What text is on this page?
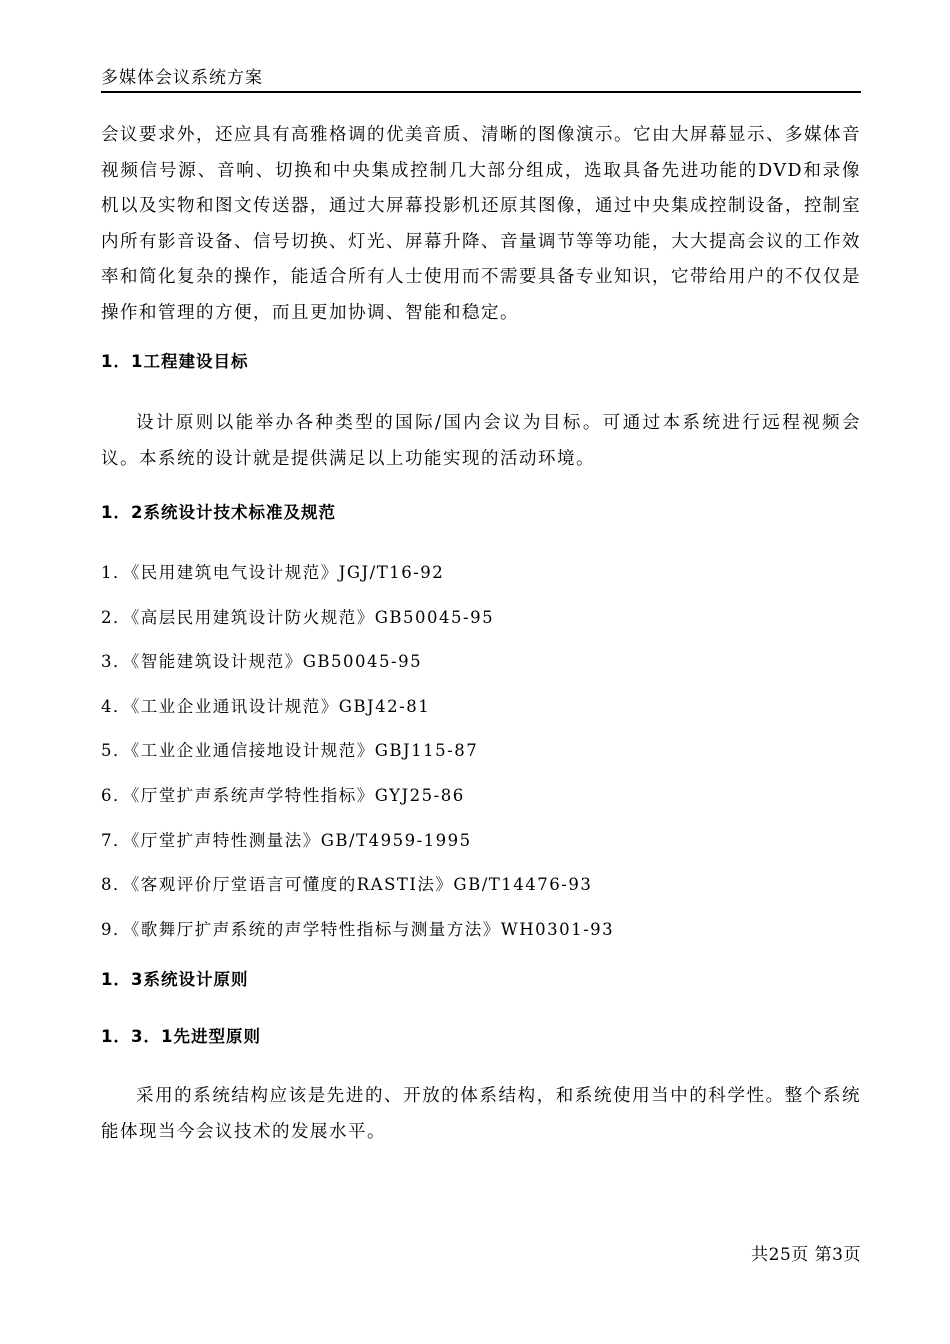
多媒体会议系统方案

会议要求外，还应具有高雅格调的优美音质、清晰的图像演示。它由大屏幕显示、多媒体音视频信号源、音响、切换和中央集成控制几大部分组成，选取具备先进功能的DVD和录像机以及实物和图文传送器，通过大屏幕投影机还原其图像，通过中央集成控制设备，控制室内所有影音设备、信号切换、灯光、屏幕升降、音量调节等等功能，大大提高会议的工作效率和简化复杂的操作，能适合所有人士使用而不需要具备专业知识，它带给用户的不仅仅是操作和管理的方便，而且更加协调、智能和稳定。

1．1工程建设目标

设计原则以能举办各种类型的国际/国内会议为目标。可通过本系统进行远程视频会议。本系统的设计就是提供满足以上功能实现的活动环境。

1．2系统设计技术标准及规范

1．《民用建筑电气设计规范》JGJ/T16-92
2．《高层民用建筑设计防火规范》GB50045-95
3．《智能建筑设计规范》GB50045-95
4．《工业企业通讯设计规范》GBJ42-81
5．《工业企业通信接地设计规范》GBJ115-87
6．《厅堂扩声系统声学特性指标》GYJ25-86
7．《厅堂扩声特性测量法》GB/T4959-1995
8．《客观评价厅堂语言可懂度的RASTI法》GB/T14476-93
9．《歌舞厅扩声系统的声学特性指标与测量方法》WH0301-93

1．3系统设计原则

1．3．1先进型原则

采用的系统结构应该是先进的、开放的体系结构，和系统使用当中的科学性。整个系统能体现当今会议技术的发展水平。

共25页 第3页
